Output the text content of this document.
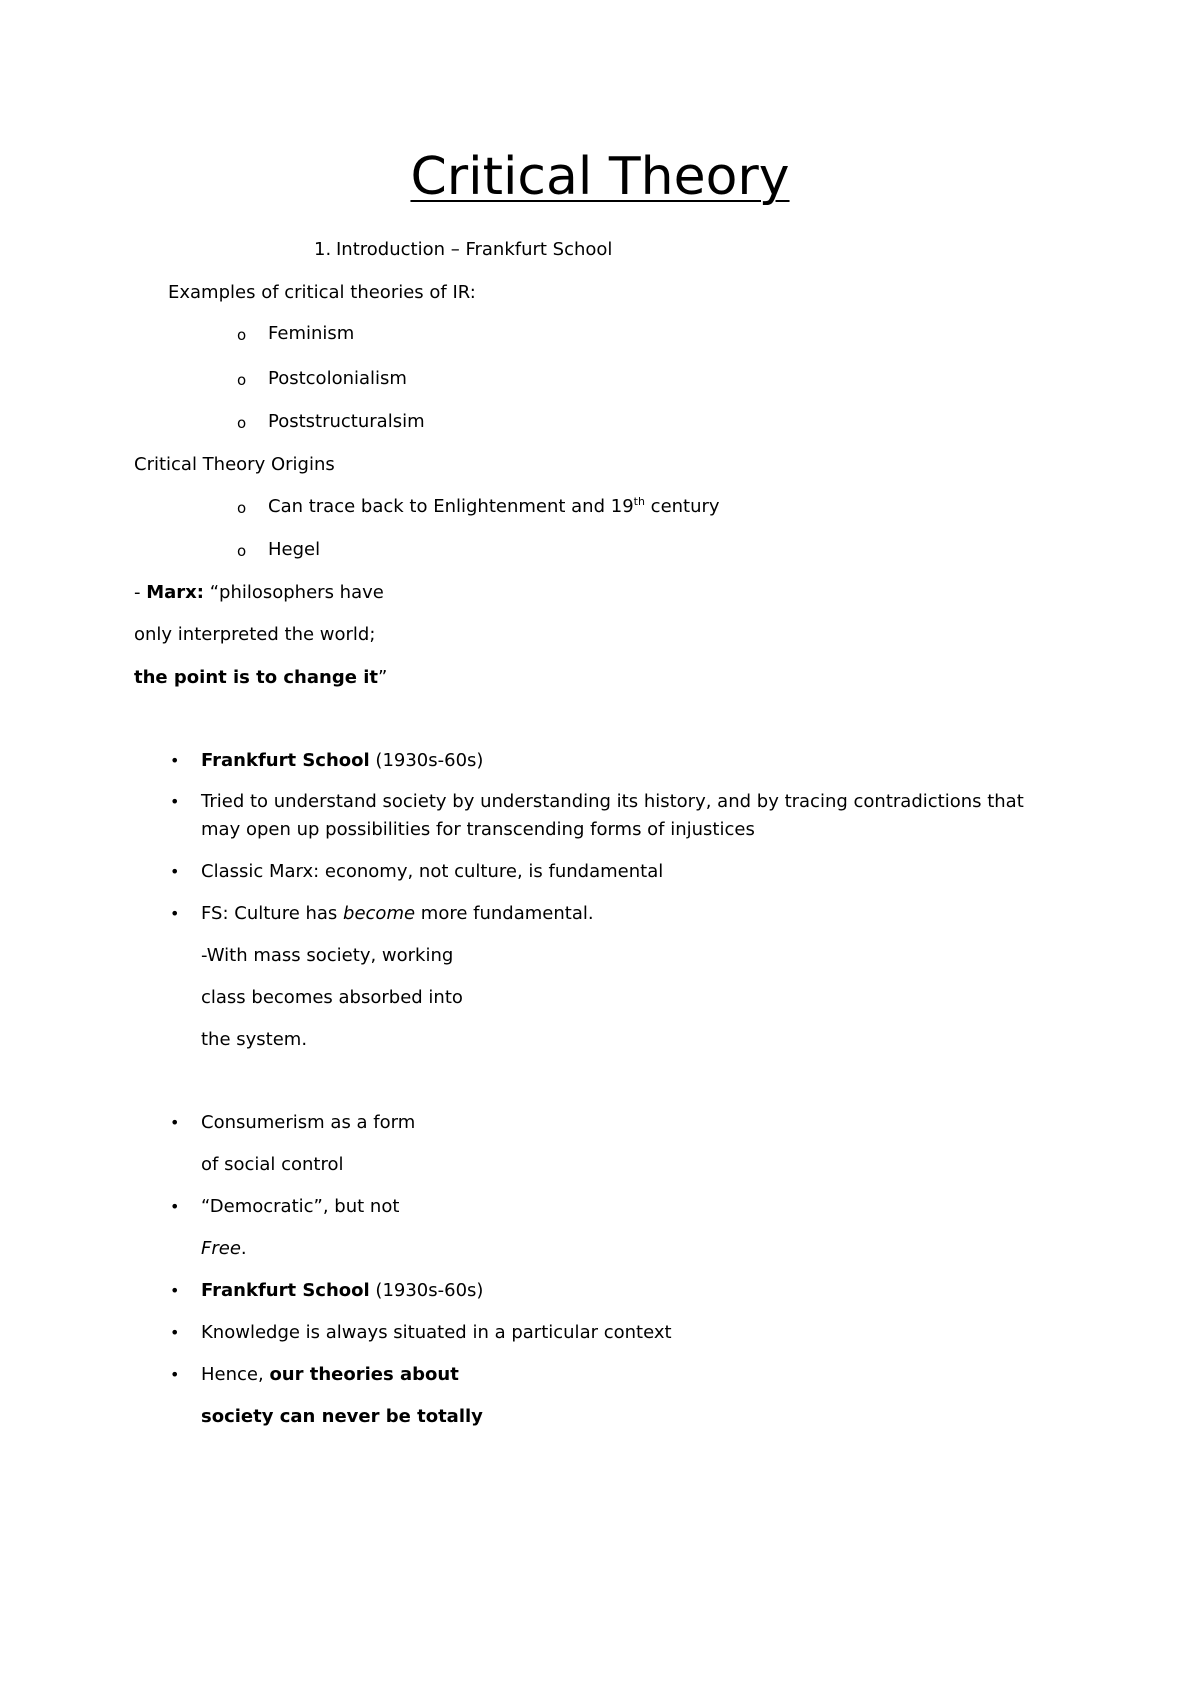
Critical Theory
1. Introduction – Frankfurt School
Examples of critical theories of IR:
o Feminism
o Postcolonialism
o Poststructuralsim
Critical Theory Origins
o Can trace back to Enlightenment and 19th century
o Hegel
- Marx: “philosophers have
only interpreted the world;
the point is to change it”
• Frankfurt School (1930s-60s)
• Tried to understand society by understanding its history, and by tracing contradictions that
may open up possibilities for transcending forms of injustices
• Classic Marx: economy, not culture, is fundamental
• FS: Culture has become more fundamental.
-With mass society, working
class becomes absorbed into
the system.
• Consumerism as a form
of social control
• “Democratic”, but not
Free.
• Frankfurt School (1930s-60s)
• Knowledge is always situated in a particular context
• Hence, our theories about
society can never be totally
